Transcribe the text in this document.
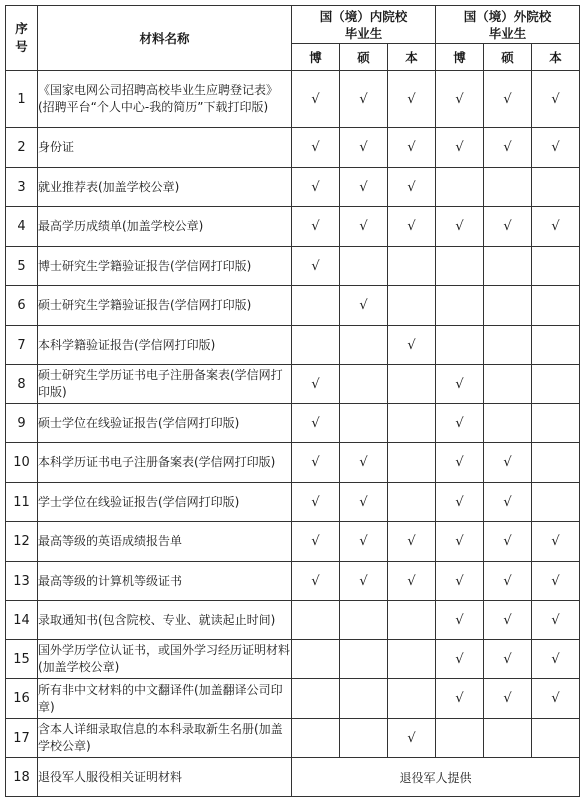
序号	材料名称	国（境）内院校毕业生			国（境）外院校毕业生		
		博	硕	本	博	硕	本
1	《国家电网公司招聘高校毕业生应聘登记表》(招聘平台“个人中心-我的简历”下载打印版)	√	√	√	√	√	√
2	身份证	√	√	√	√	√	√
3	就业推荐表(加盖学校公章)	√	√	√			
4	最高学历成绩单(加盖学校公章)	√	√	√	√	√	√
5	博士研究生学籍验证报告(学信网打印版)	√					
6	硕士研究生学籍验证报告(学信网打印版)		√				
7	本科学籍验证报告(学信网打印版)			√			
8	硕士研究生学历证书电子注册备案表(学信网打印版)	√			√		
9	硕士学位在线验证报告(学信网打印版)	√			√		
10	本科学历证书电子注册备案表(学信网打印版)	√	√		√	√	
11	学士学位在线验证报告(学信网打印版)	√	√		√	√	
12	最高等级的英语成绩报告单	√	√	√	√	√	√
13	最高等级的计算机等级证书	√	√	√	√	√	√
14	录取通知书(包含院校、专业、就读起止时间)				√	√	√
15	国外学历学位认证书，或国外学习经历证明材料(加盖学校公章)				√	√	√
16	所有非中文材料的中文翻译件(加盖翻译公司印章)				√	√	√
17	含本人详细录取信息的本科录取新生名册(加盖学校公章)			√			
18	退役军人服役相关证明材料	退役军人提供					
